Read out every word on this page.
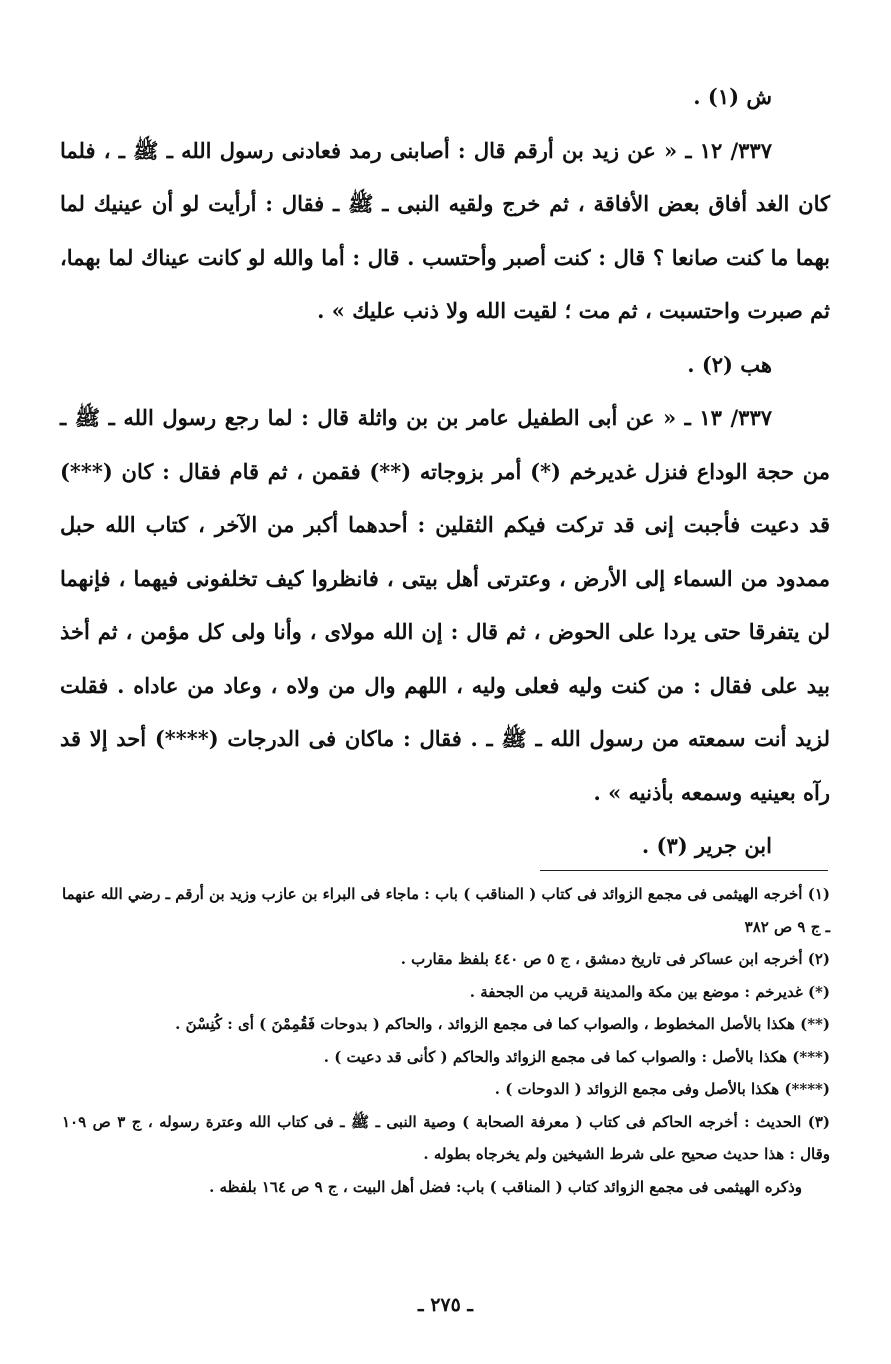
ش (١) .

٣٣٧/ ١٢ ـ « عن زيد بن أرقم قال : أصابنى رمد فعادنى رسول الله ـ ﷺ ـ ، فلما كان الغد أفاق بعض الأفاقة ، ثم خرج ولقيه النبى ـ ﷺ ـ فقال : أرأيت لو أن عينيك لما بهما ما كنت صانعا ؟ قال : كنت أصبر وأحتسب . قال : أما والله لو كانت عيناك لما بهما، ثم صبرت واحتسبت ، ثم مت ؛ لقيت الله ولا ذنب عليك » .

هب (٢) .

٣٣٧/ ١٣ ـ « عن أبى الطفيل عامر بن بن واثلة قال : لما رجع رسول الله ـ ﷺ ـ من حجة الوداع فنزل غديرخم (*) أمر بزوجاته (**) فقمن ، ثم قام فقال : كان (***) قد دعيت فأجبت إنى قد تركت فيكم الثقلين : أحدهما أكبر من الآخر ، كتاب الله حبل ممدود من السماء إلى الأرض ، وعترتى أهل بيتى ، فانظروا كيف تخلفونى فيهما ، فإنهما لن يتفرقا حتى يردا على الحوض ، ثم قال : إن الله مولاى ، وأنا ولى كل مؤمن ، ثم أخذ بيد على فقال : من كنت وليه فعلى وليه ، اللهم وال من ولاه ، وعاد من عاداه . فقلت لزيد أنت سمعته من رسول الله ـ ﷺ ـ . فقال : ماكان فى الدرجات (****) أحد إلا قد رآه بعينيه وسمعه بأذنيه » .

ابن جرير (٣) .

(١) أخرجه الهيثمى فى مجمع الزوائد فى كتاب ( المناقب ) باب : ماجاء فى البراء بن عازب وزيد بن أرقم ـ رضي الله عنهما ـ ج ٩ ص ٣٨٢

(٢) أخرجه ابن عساكر فى تاريخ دمشق ، ج ٥ ص ٤٤٠ بلفظ مقارب .

(*) غديرخم : موضع بين مكة والمدينة قريب من الجحفة .

(**) هكذا بالأصل المخطوط ، والصواب كما فى مجمع الزوائد ، والحاكم ( بدوحات فَقُمِمْنَ ) أى : كُنِسْنَ .

(***) هكذا بالأصل : والصواب كما فى مجمع الزوائد والحاكم ( كأنى قد دعيت ) .

(****) هكذا بالأصل وفى مجمع الزوائد ( الدوحات ) .

(٣) الحديث : أخرجه الحاكم فى كتاب ( معرفة الصحابة ) وصية النبى ـ ﷺ ـ فى كتاب الله وعترة رسوله ، ج ٣ ص ١٠٩ وقال : هذا حديث صحيح على شرط الشيخين ولم يخرجاه بطوله .

وذكره الهيثمى فى مجمع الزوائد كتاب ( المناقب ) باب: فضل أهل البيت ، ج ٩ ص ١٦٤ بلفظه .

ـ ٢٧٥ ـ
